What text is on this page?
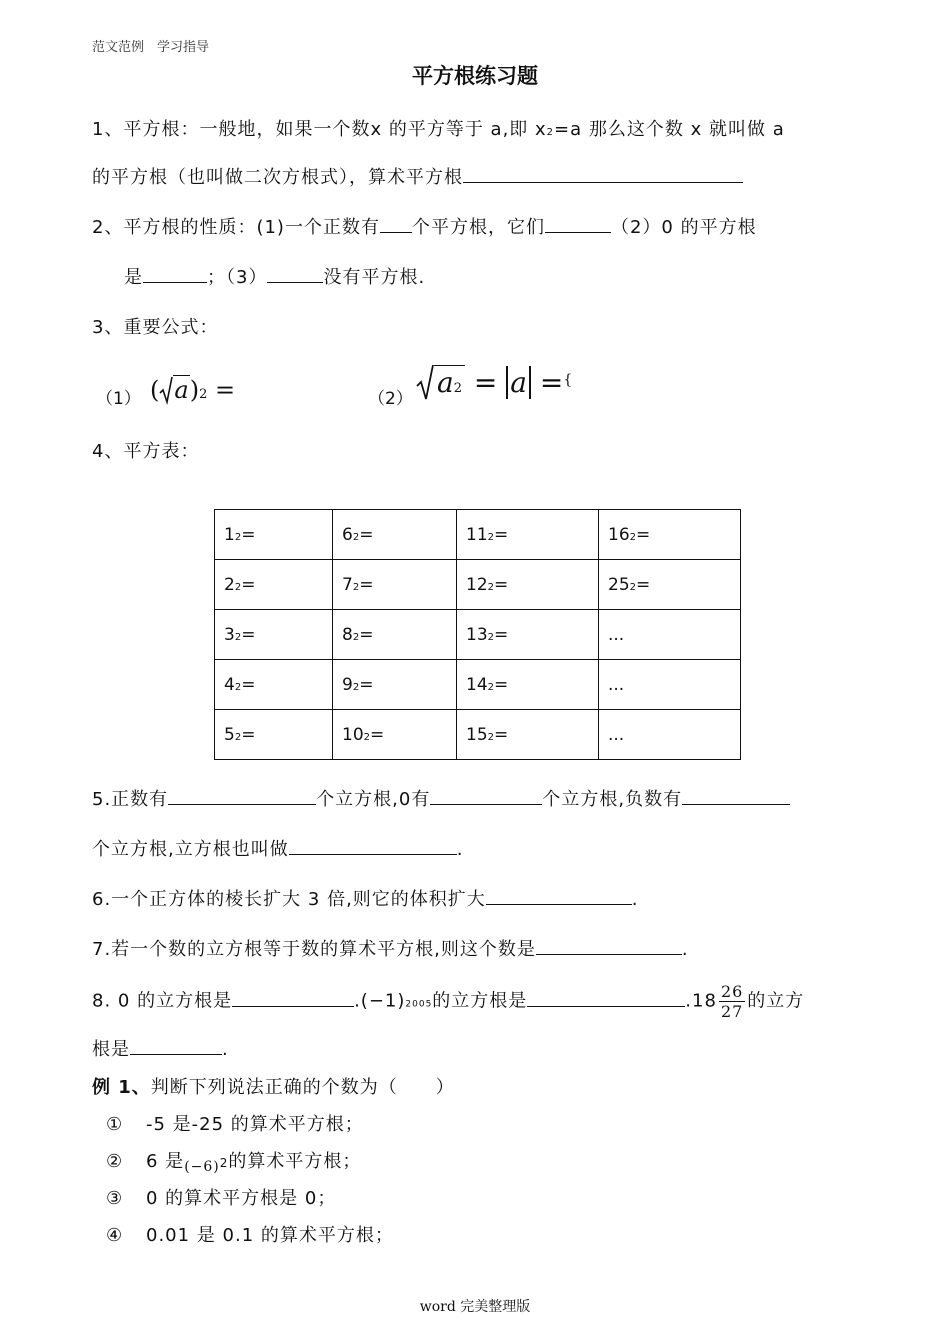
范文范例　学习指导
平方根练习题
1、平方根：一般地，如果一个数x 的平方等于 a,即 x2=a 那么这个数 x 就叫做 a
的平方根（也叫做二次方根式），算术平方根
2、平方根的性质：(1)一个正数有 个平方根，它们	（2）0 的平方根
是	；（3）	没有平方根.
3、重要公式：
（1） ( a)2 =	（2） a2 = a ={
4、平方表：
12=	62=	112=	162=
22=	72=	122=	252=
32=	82=	132=	...
42=	92=	142=	...
52=	102=	152=	...
5.正数有	个立方根,0有	个立方根,负数有
个立方根,立方根也叫做	.
6.一个正方体的棱长扩大 3 倍,则它的体积扩大	.
7.若一个数的立方根等于数的算术平方根,则这个数是	.
8. 0 的立方根是	.(−1)2005的立方根是	$.18 \frac{26}{27}$ 的立方
根是	.
例 1、判断下列说法正确的个数为（　　）
① -5 是-25 的算术平方根；
② 6 是$_{(-6)}$2的算术平方根；
③ 0 的算术平方根是 0；
④ 0.01 是 0.1 的算术平方根；
word 完美整理版
